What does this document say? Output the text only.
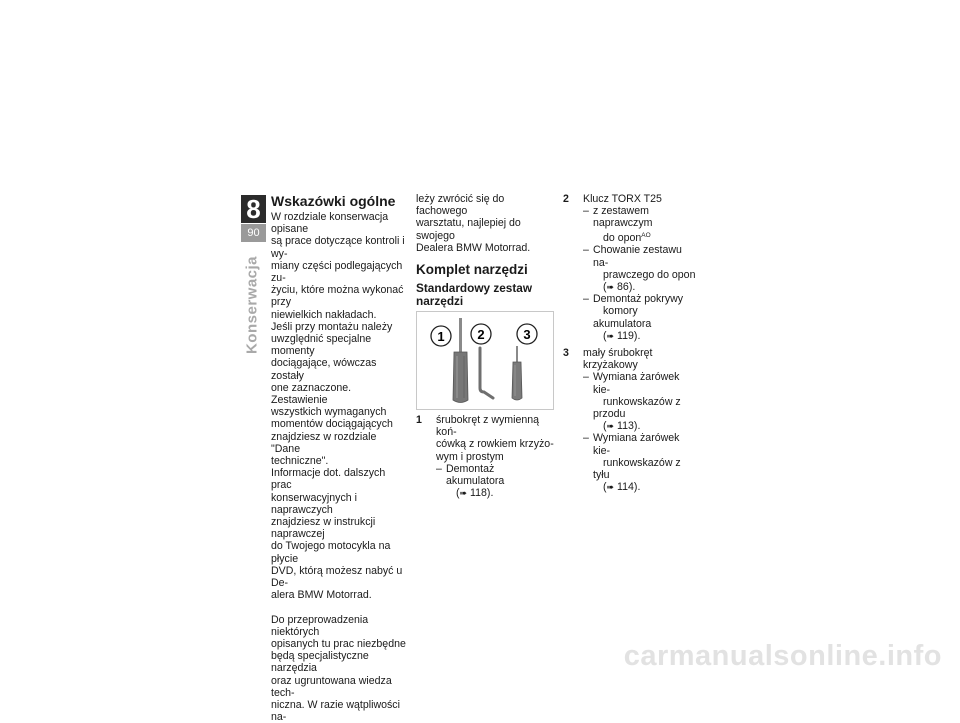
8
90
Konserwacja
Wskazówki ogólne

W rozdziale konserwacja opisane
są prace dotyczące kontroli i wy-
miany części podlegających zu-
życiu, które można wykonać przy
niewielkich nakładach.

Jeśli przy montażu należy
uwzględnić specjalne momenty
dociągające, wówczas zostały
one zaznaczone. Zestawienie
wszystkich wymaganych
momentów dociągających
znajdziesz w rozdziale "Dane
techniczne".

Informacje dot. dalszych prac
konserwacyjnych i naprawczych
znajdziesz w instrukcji naprawczej
do Twojego motocykla na płycie
DVD, którą możesz nabyć u De-
alera BMW Motorrad.

Do przeprowadzenia niektórych
opisanych tu prac niezbędne
będą specjalistyczne narzędzia
oraz ugruntowana wiedza tech-
niczna. W razie wątpliwości na-

leży zwrócić się do fachowego
warsztatu, najlepiej do swojego
Dealera BMW Motorrad.

Komplet narzędzi
Standardowy zestaw
narzędzi
1	2	3
1 śrubokręt z wymienną koń-
cówką z rowkiem krzyżo-
wym i prostym
– Demontaż akumulatora
(➠ 118).
2 Klucz TORX T25
– z zestawem naprawczym
do opon$^{AO}$
– Chowanie zestawu na-
prawczego do opon
(➠ 86).
– Demontaż pokrywy
komory akumulatora
(➠ 119).
3 mały śrubokręt krzyżakowy
– Wymiana żarówek kie-
runkowskazów z przodu
(➠ 113).
– Wymiana żarówek kie-
runkowskazów z tyłu
(➠ 114).
carmanualsonline.info
